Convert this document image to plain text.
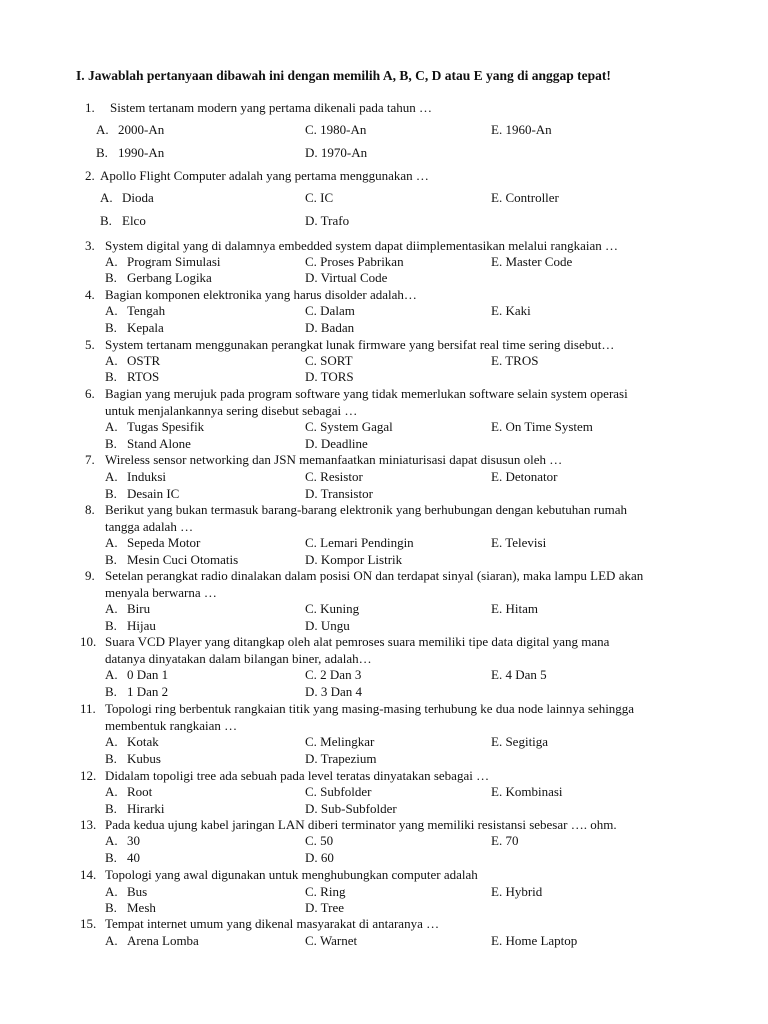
I. Jawablah pertanyaan dibawah ini dengan memilih A, B, C, D atau E yang di anggap tepat!
1. Sistem tertanam modern yang pertama dikenali pada tahun …
A. 2000-An
B. 1990-An
C. 1980-An
D. 1970-An
E. 1960-An
2. Apollo Flight Computer adalah yang pertama menggunakan …
A. Dioda
B. Elco
C. IC
D. Trafo
E. Controller
3. System digital yang di dalamnya embedded system dapat diimplementasikan melalui rangkaian …
A. Program Simulasi
B. Gerbang Logika
C. Proses Pabrikan
D. Virtual Code
E. Master Code
4. Bagian komponen elektronika yang harus disolder adalah…
A. Tengah
B. Kepala
C. Dalam
D. Badan
E. Kaki
5. System tertanam menggunakan perangkat lunak firmware yang bersifat real time sering disebut…
A. OSTR
B. RTOS
C. SORT
D. TORS
E. TROS
6. Bagian yang merujuk pada program software yang tidak memerlukan software selain system operasi
untuk menjalankannya sering disebut sebagai …
A. Tugas Spesifik
B. Stand Alone
C. System Gagal
D. Deadline
E. On Time System
7. Wireless sensor networking dan JSN memanfaatkan miniaturisasi dapat disusun oleh …
A. Induksi
B. Desain IC
C. Resistor
D. Transistor
E. Detonator
8. Berikut yang bukan termasuk barang-barang elektronik yang berhubungan dengan kebutuhan rumah
tangga adalah …
A. Sepeda Motor
B. Mesin Cuci Otomatis
C. Lemari Pendingin
D. Kompor Listrik
E. Televisi
9. Setelan perangkat radio dinalakan dalam posisi ON dan terdapat sinyal (siaran), maka lampu LED akan
menyala berwarna …
A. Biru
B. Hijau
C. Kuning
D. Ungu
E. Hitam
10. Suara VCD Player yang ditangkap oleh alat pemroses suara memiliki tipe data digital yang mana
datanya dinyatakan dalam bilangan biner, adalah…
A. 0 Dan 1
B. 1 Dan 2
C. 2 Dan 3
D. 3 Dan 4
E. 4 Dan 5
11. Topologi ring berbentuk rangkaian titik yang masing-masing terhubung ke dua node lainnya sehingga
membentuk rangkaian …
A. Kotak
B. Kubus
C. Melingkar
D. Trapezium
E. Segitiga
12. Didalam topoligi tree ada sebuah pada level teratas dinyatakan sebagai …
A. Root
B. Hirarki
C. Subfolder
D. Sub-Subfolder
E. Kombinasi
13. Pada kedua ujung kabel jaringan LAN diberi terminator yang memiliki resistansi sebesar …. ohm.
A. 30
B. 40
C. 50
D. 60
E. 70
14. Topologi yang awal digunakan untuk menghubungkan computer adalah
A. Bus
B. Mesh
C. Ring
D. Tree
E. Hybrid
15. Tempat internet umum yang dikenal masyarakat di antaranya …
A. Arena Lomba	C. Warnet	E. Home Laptop
